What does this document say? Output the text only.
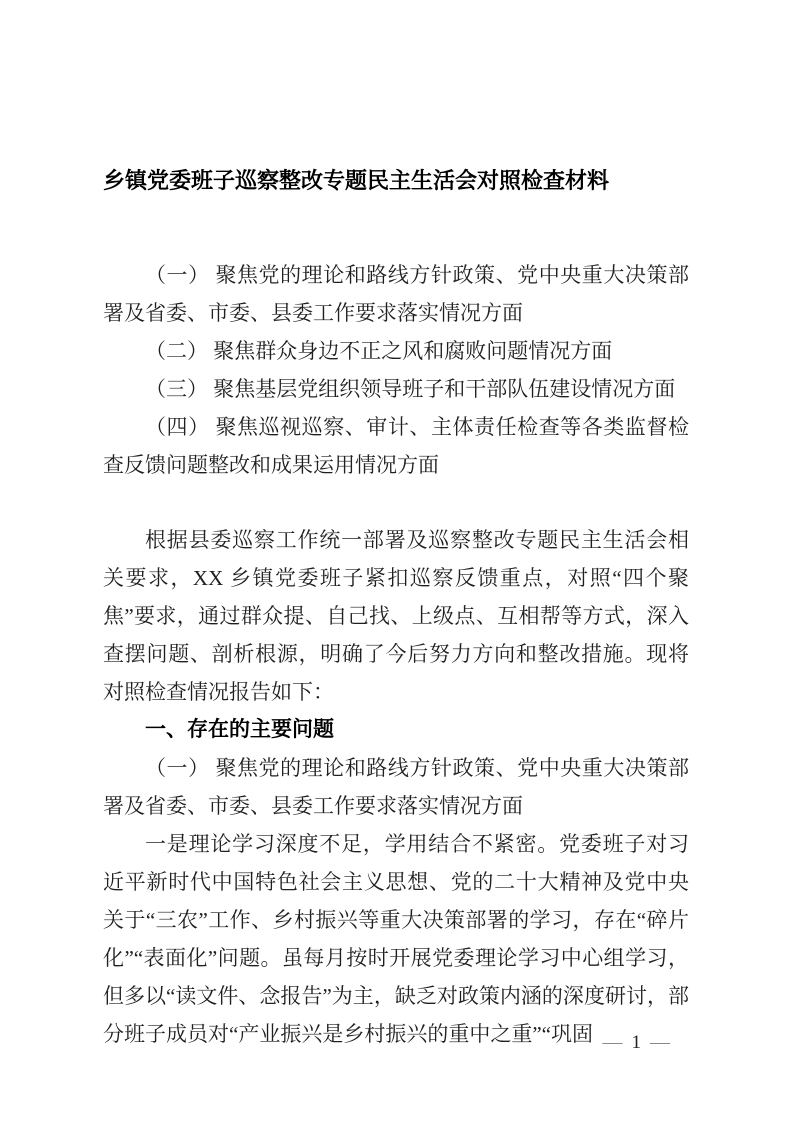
乡镇党委班子巡察整改专题民主生活会对照检查材料

（一） 聚焦党的理论和路线方针政策、党中央重大决策部署及省委、市委、县委工作要求落实情况方面

（二） 聚焦群众身边不正之风和腐败问题情况方面

（三） 聚焦基层党组织领导班子和干部队伍建设情况方面

（四） 聚焦巡视巡察、审计、主体责任检查等各类监督检查反馈问题整改和成果运用情况方面

根据县委巡察工作统一部署及巡察整改专题民主生活会相关要求，XX 乡镇党委班子紧扣巡察反馈重点，对照“四个聚焦”要求，通过群众提、自己找、上级点、互相帮等方式，深入查摆问题、剖析根源，明确了今后努力方向和整改措施。现将对照检查情况报告如下：

一、存在的主要问题

（一） 聚焦党的理论和路线方针政策、党中央重大决策部署及省委、市委、县委工作要求落实情况方面

一是理论学习深度不足，学用结合不紧密。党委班子对习近平新时代中国特色社会主义思想、党的二十大精神及党中央关于“三农”工作、乡村振兴等重大决策部署的学习，存在“碎片化”“表面化”问题。虽每月按时开展党委理论学习中心组学习，但多以“读文件、念报告”为主，缺乏对政策内涵的深度研讨，部分班子成员对“产业振兴是乡村振兴的重中之重”“巩固 — 1 —
